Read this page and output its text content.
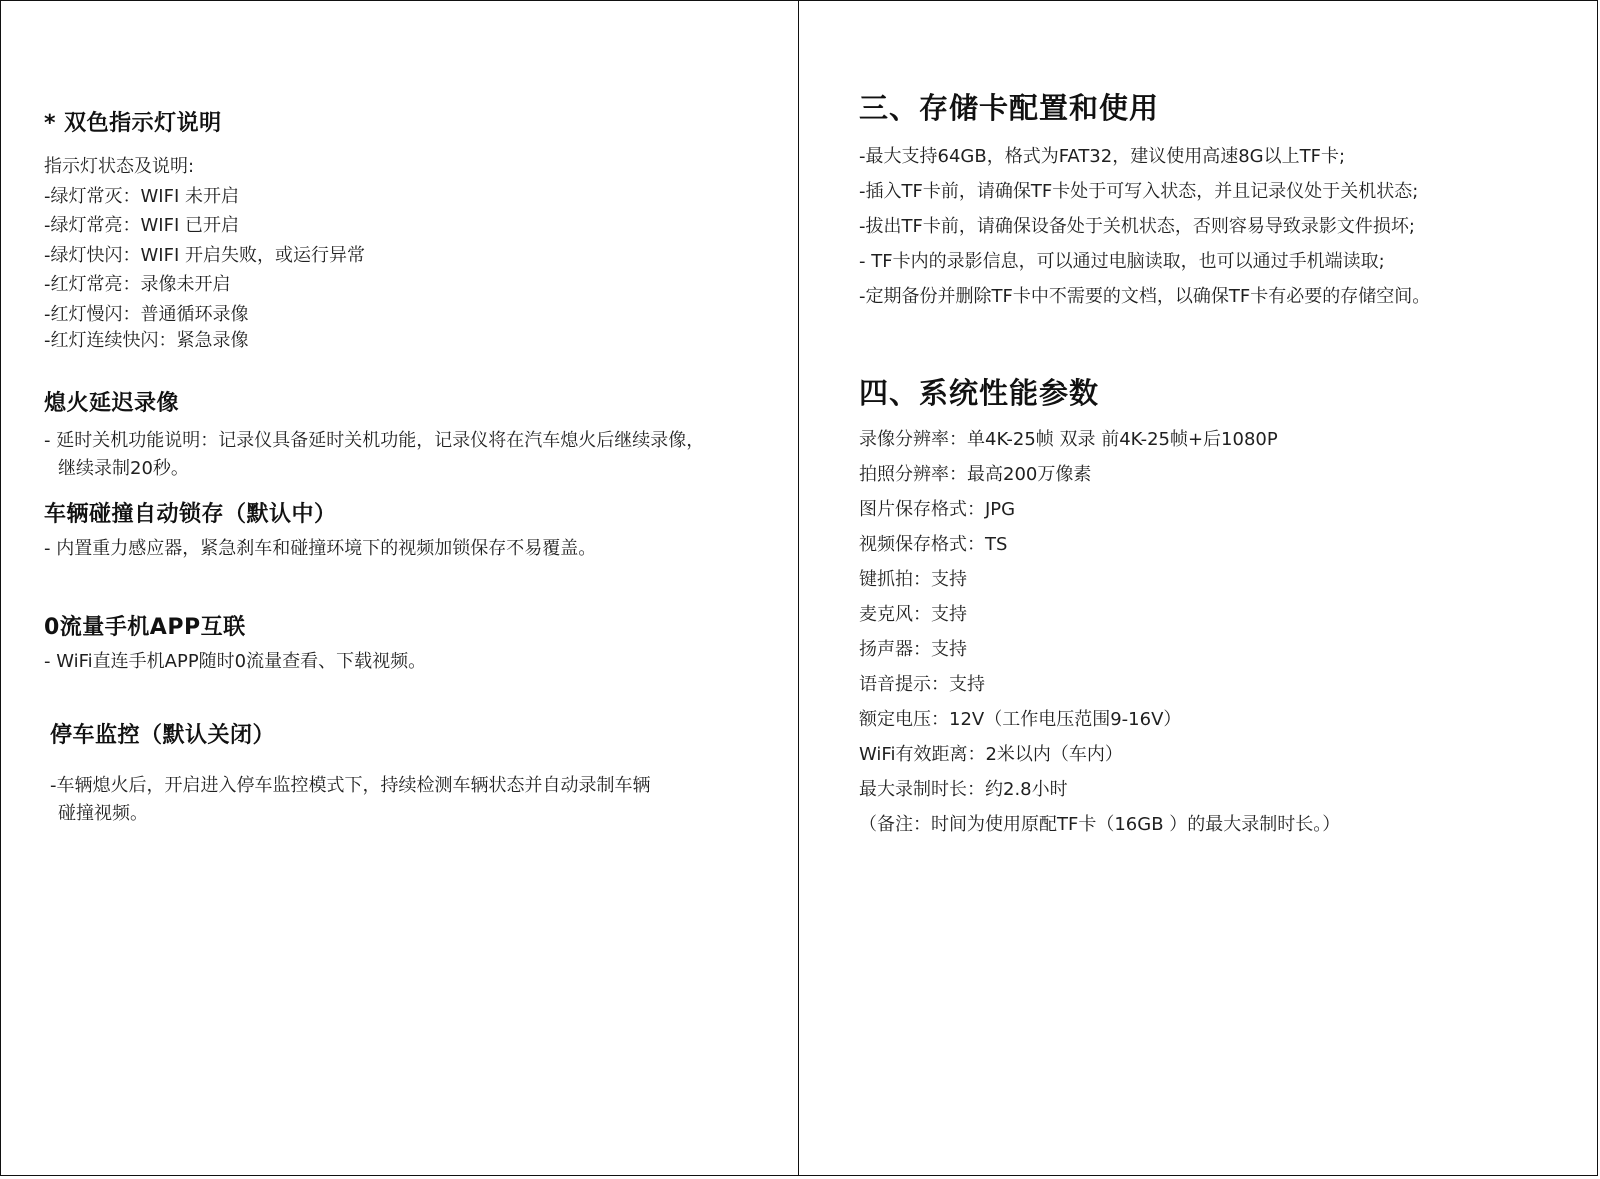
* 双色指示灯说明
指示灯状态及说明:
-绿灯常灭：WIFI 未开启
-绿灯常亮：WIFI 已开启
-绿灯快闪：WIFI 开启失败，或运行异常
-红灯常亮：录像未开启
-红灯慢闪：普通循环录像
-红灯连续快闪：紧急录像
熄火延迟录像
- 延时关机功能说明：记录仪具备延时关机功能，记录仪将在汽车熄火后继续录像，
继续录制20秒。
车辆碰撞自动锁存（默认中）
- 内置重力感应器，紧急刹车和碰撞环境下的视频加锁保存不易覆盖。
0流量手机APP互联
- WiFi直连手机APP随时0流量查看、下载视频。
停车监控（默认关闭）
-车辆熄火后，开启进入停车监控模式下，持续检测车辆状态并自动录制车辆
碰撞视频。
三、存储卡配置和使用
-最大支持64GB，格式为FAT32，建议使用高速8G以上TF卡;
-插入TF卡前，请确保TF卡处于可写入状态，并且记录仪处于关机状态;
-拔出TF卡前，请确保设备处于关机状态，否则容易导致录影文件损坏;
- TF卡内的录影信息，可以通过电脑读取，也可以通过手机端读取;
-定期备份并删除TF卡中不需要的文档，以确保TF卡有必要的存储空间。
四、系统性能参数
录像分辨率：单4K-25帧 双录 前4K-25帧+后1080P
拍照分辨率：最高200万像素
图片保存格式：JPG
视频保存格式：TS
键抓拍：支持
麦克风：支持
扬声器：支持
语音提示：支持
额定电压：12V（工作电压范围9-16V）
WiFi有效距离：2米以内（车内）
最大录制时长：约2.8小时
（备注：时间为使用原配TF卡（16GB ）的最大录制时长。）
